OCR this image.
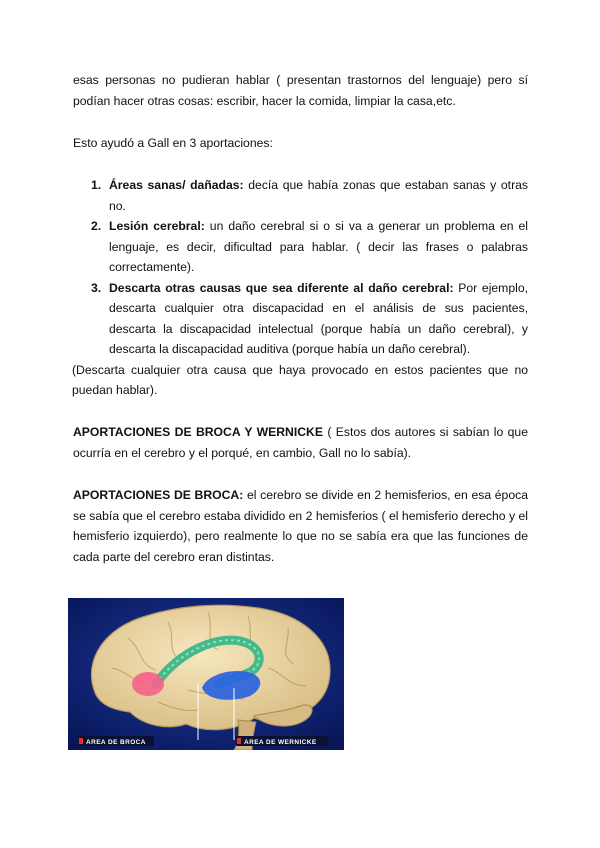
esas personas no pudieran hablar ( presentan trastornos del lenguaje) pero sí podían hacer otras cosas: escribir, hacer la comida, limpiar la casa,etc.

Esto ayudó a Gall en 3 aportaciones:

1. Áreas sanas/ dañadas: decía que había zonas que estaban sanas y otras no.
2. Lesión cerebral: un daño cerebral si o si va a generar un problema en el lenguaje, es decir, dificultad para hablar. ( decir las frases o palabras correctamente).
3. Descarta otras causas que sea diferente al daño cerebral: Por ejemplo, descarta cualquier otra discapacidad en el análisis de sus pacientes, descarta la discapacidad intelectual (porque había un daño cerebral), y descarta la discapacidad auditiva (porque había un daño cerebral).

(Descarta cualquier otra causa que haya provocado en estos pacientes que no puedan hablar).

APORTACIONES DE BROCA Y WERNICKE ( Estos dos autores si sabían lo que ocurría en el cerebro y el porqué, en cambio, Gall no lo sabía).

APORTACIONES DE BROCA: el cerebro se divide en 2 hemisferios, en esa época se sabía que el cerebro estaba dividido en 2 hemisferios ( el hemisferio derecho y el hemisferio izquierdo), pero realmente lo que no se sabía era que las funciones de cada parte del cerebro eran distintas.

AREA DE BROCA	AREA DE WERNICKE
